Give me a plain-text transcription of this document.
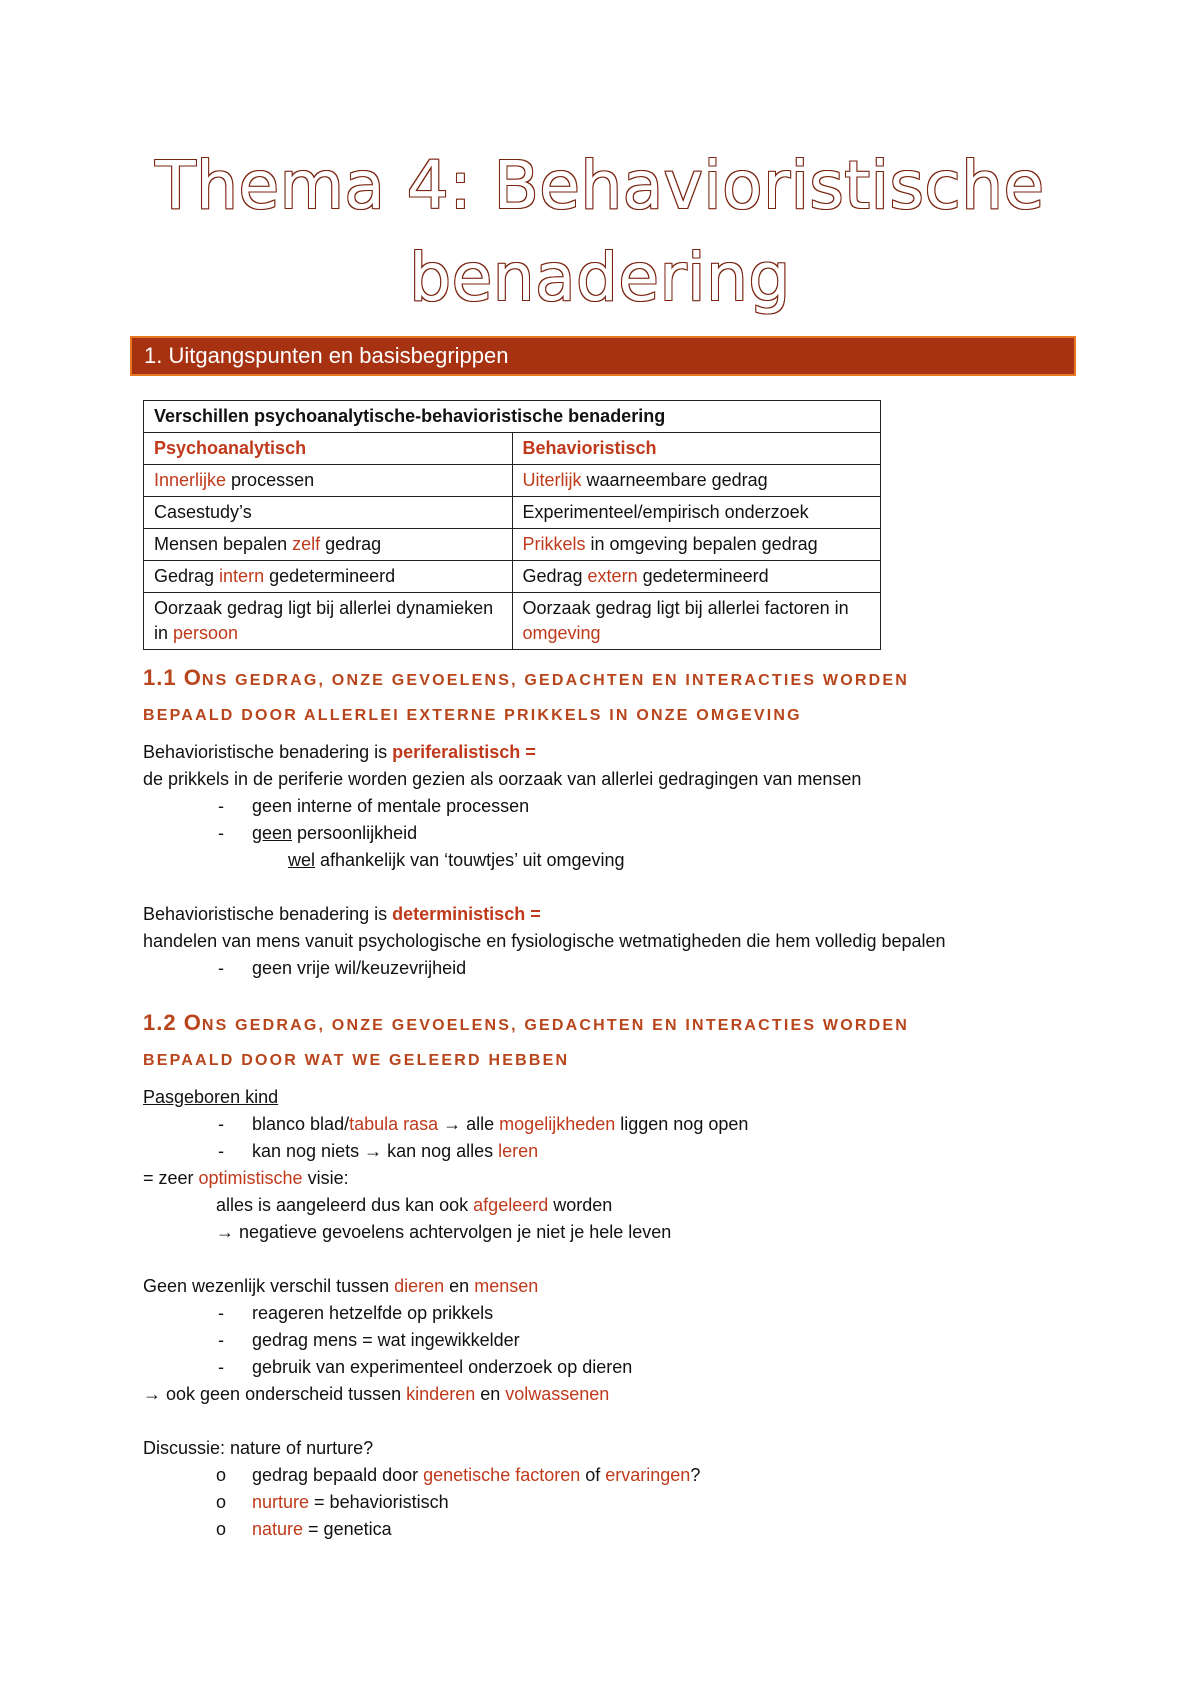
Thema 4: Behavioristische
benadering
1. Uitgangspunten en basisbegrippen
Verschillen psychoanalytische-behavioristische benadering	
Psychoanalytisch	Behavioristisch
Innerlijke processen	Uiterlijk waarneembare gedrag
Casestudy’s	Experimenteel/empirisch onderzoek
Mensen bepalen zelf gedrag	Prikkels in omgeving bepalen gedrag
Gedrag intern gedetermineerd	Gedrag extern gedetermineerd
Oorzaak gedrag ligt bij allerlei dynamieken in persoon	Oorzaak gedrag ligt bij allerlei factoren in omgeving
1.1 ONS GEDRAG, ONZE GEVOELENS, GEDACHTEN EN INTERACTIES WORDEN
BEPAALD DOOR ALLERLEI EXTERNE PRIKKELS IN ONZE OMGEVING
Behavioristische benadering is periferalistisch =
de prikkels in de periferie worden gezien als oorzaak van allerlei gedragingen van mensen
- geen interne of mentale processen
- geen persoonlijkheid
wel afhankelijk van ‘touwtjes’ uit omgeving
Behavioristische benadering is deterministisch =
handelen van mens vanuit psychologische en fysiologische wetmatigheden die hem volledig bepalen
- geen vrije wil/keuzevrijheid
1.2 ONS GEDRAG, ONZE GEVOELENS, GEDACHTEN EN INTERACTIES WORDEN
BEPAALD DOOR WAT WE GELEERD HEBBEN
Pasgeboren kind
- blanco blad/tabula rasa → alle mogelijkheden liggen nog open
- kan nog niets → kan nog alles leren
= zeer optimistische visie:
alles is aangeleerd dus kan ook afgeleerd worden
→ negatieve gevoelens achtervolgen je niet je hele leven
Geen wezenlijk verschil tussen dieren en mensen
- reageren hetzelfde op prikkels
- gedrag mens = wat ingewikkelder
- gebruik van experimenteel onderzoek op dieren
→ ook geen onderscheid tussen kinderen en volwassenen
Discussie: nature of nurture?
o gedrag bepaald door genetische factoren of ervaringen?
o nurture = behavioristisch
o nature = genetica
